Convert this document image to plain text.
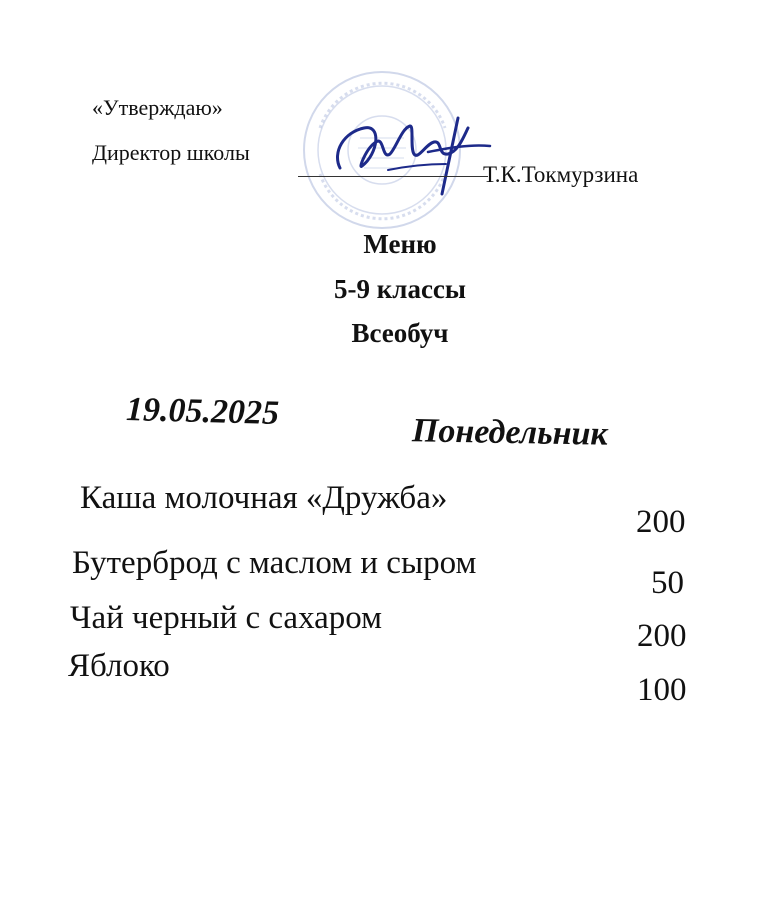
«Утверждаю»
Директор школы
Т.К.Токмурзина
Меню
5-9 классы
Всеобуч
19.05.2025
Понедельник
Каша молочная «Дружба»
200
Бутерброд с маслом и сыром
50
Чай черный с сахаром	200
Яблоко
100
